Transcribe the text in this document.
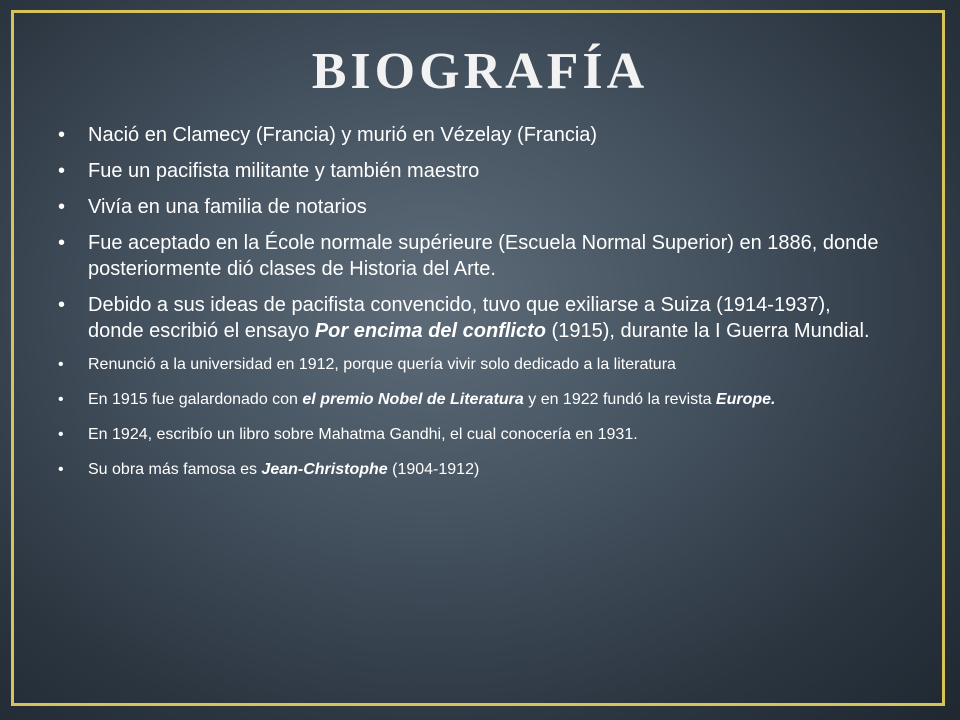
BIOGRAFÍA
• Nació en Clamecy (Francia) y murió en Vézelay (Francia)
• Fue un pacifista militante y también maestro
• Vivía en una familia de notarios
• Fue aceptado en la École normale supérieure (Escuela Normal Superior) en 1886, donde posteriormente dió clases de Historia del Arte.
• Debido a sus ideas de pacifista convencido, tuvo que exiliarse a Suiza (1914-1937), donde escribió el ensayo Por encima del conflicto (1915), durante la I Guerra Mundial.
• Renunció a la universidad en 1912, porque quería vivir solo dedicado a la literatura
• En 1915 fue galardonado con el premio Nobel de Literatura y en 1922 fundó la revista Europe.
• En 1924, escribío un libro sobre Mahatma Gandhi, el cual conocería en 1931.
• Su obra más famosa es Jean-Christophe (1904-1912)
